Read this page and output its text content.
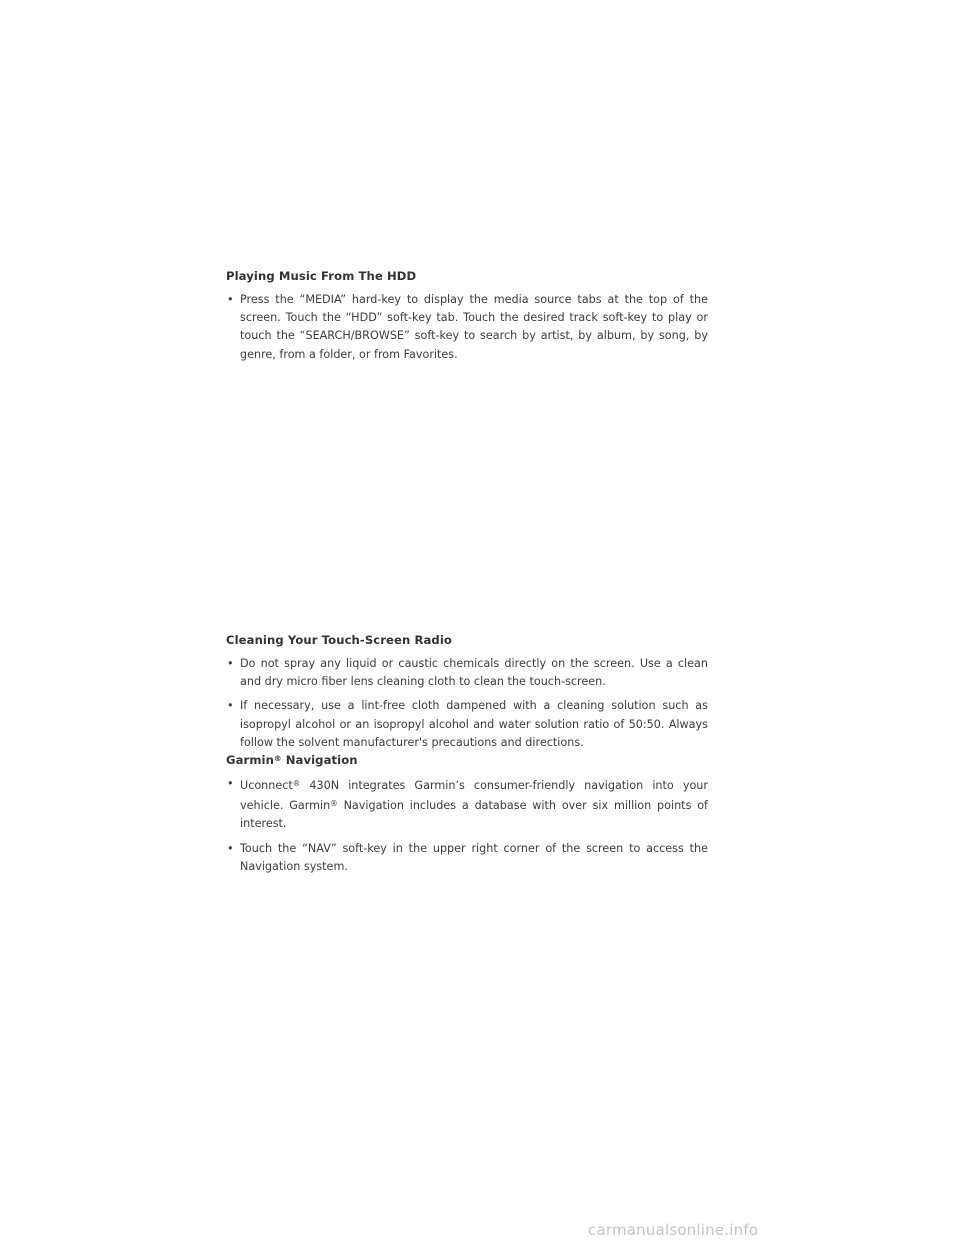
Playing Music From The HDD
• Press the “MEDIA” hard-key to display the media source tabs at the top of the screen. Touch the “HDD” soft-key tab. Touch the desired track soft-key to play or touch the “SEARCH/BROWSE” soft-key to search by artist, by album, by song, by genre, from a folder, or from Favorites.
Cleaning Your Touch-Screen Radio
• Do not spray any liquid or caustic chemicals directly on the screen. Use a clean and dry micro fiber lens cleaning cloth to clean the touch-screen.
• If necessary, use a lint-free cloth dampened with a cleaning solution such as isopropyl alcohol or an isopropyl alcohol and water solution ratio of 50:50. Always follow the solvent manufacturer's precautions and directions.
Garmin® Navigation
• Uconnect® 430N integrates Garmin’s consumer-friendly navigation into your vehicle. Garmin® Navigation includes a database with over six million points of interest.
• Touch the “NAV” soft-key in the upper right corner of the screen to access the Navigation system.
carmanualsonline.info
